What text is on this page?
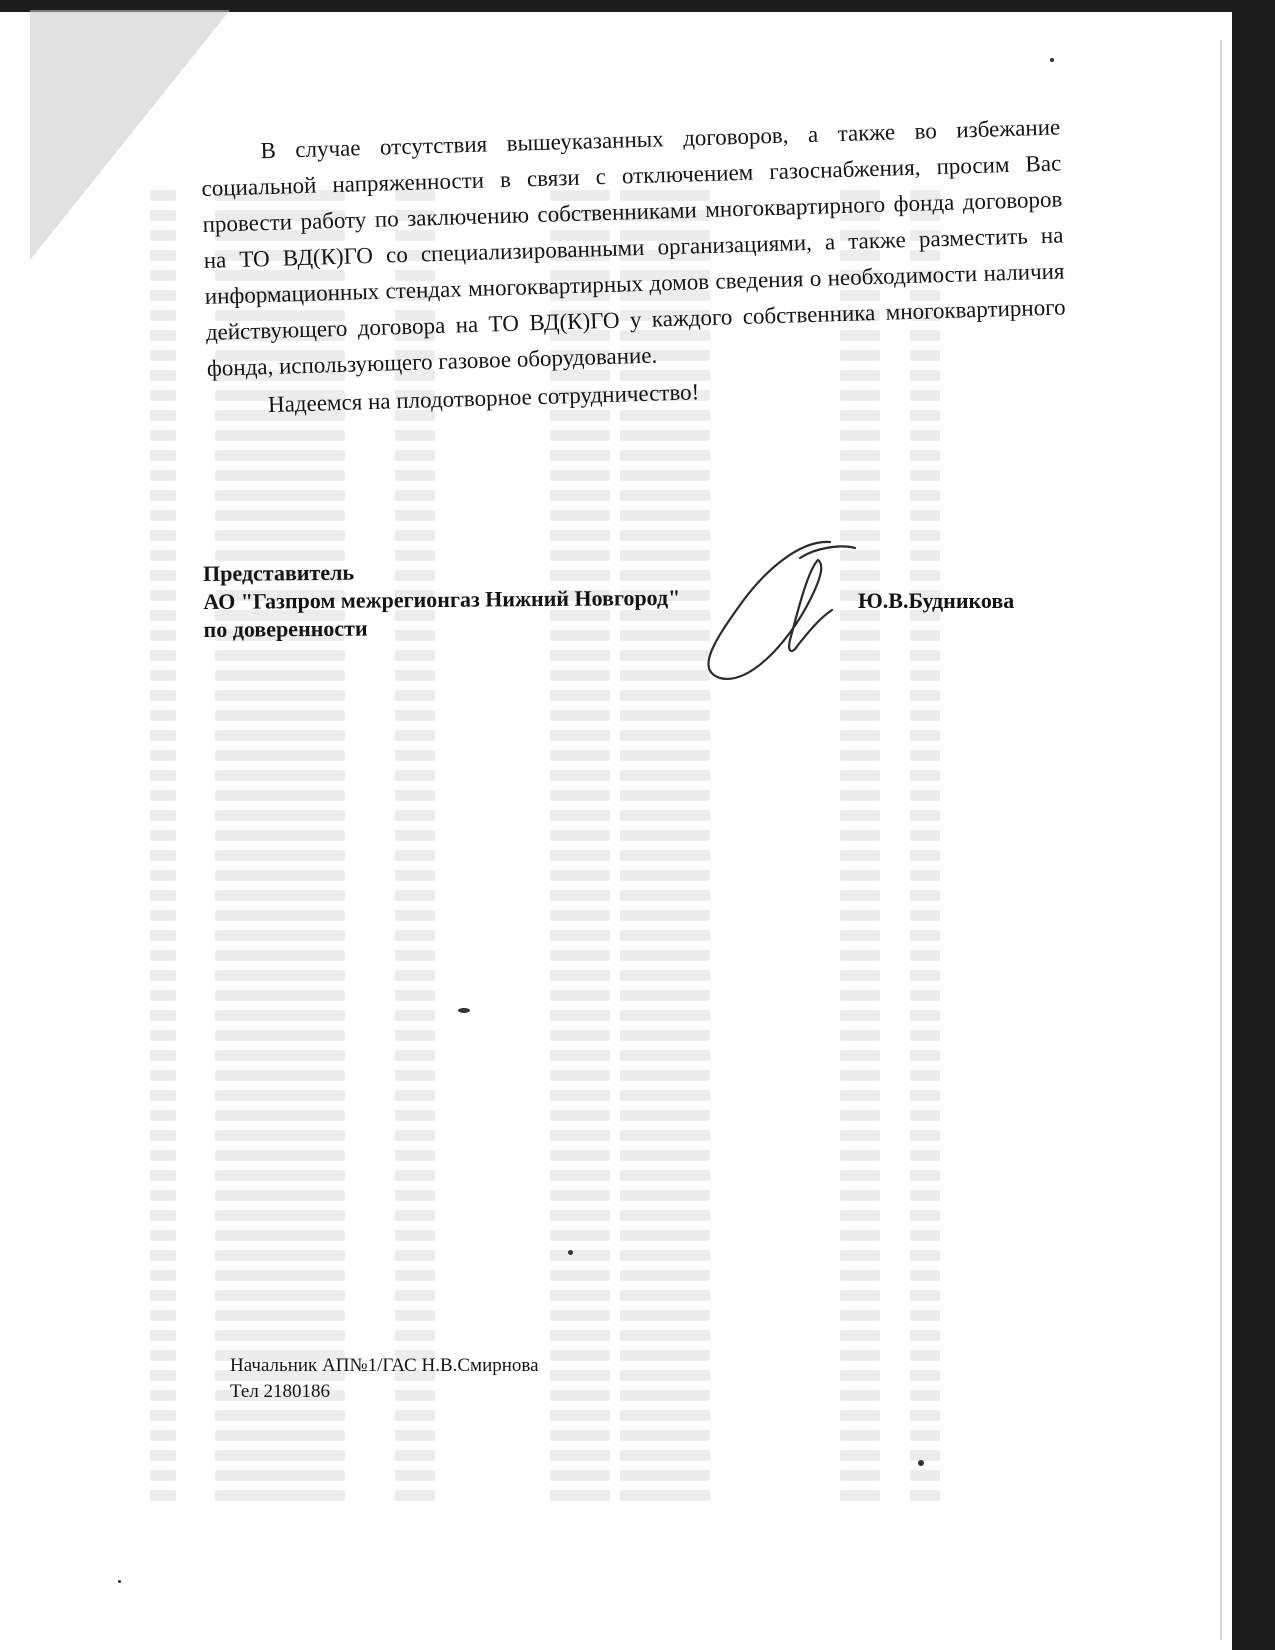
В случае отсутствия вышеуказанных договоров, а также во избежание социальной напряженности в связи с отключением газоснабжения, просим Вас провести работу по заключению собственниками многоквартирного фонда договоров на ТО ВД(К)ГО со специализированными организациями, а также разместить на информационных стендах многоквартирных домов сведения о необходимости наличия действующего договора на ТО ВД(К)ГО у каждого собственника многоквартирного фонда, использующего газовое оборудование.

Надеемся на плодотворное сотрудничество!

Представитель
АО "Газпром межрегионгаз Нижний Новгород"
по доверенности
Ю.В.Будникова
Начальник АП№1/ГАС Н.В.Смирнова
Тел 2180186
